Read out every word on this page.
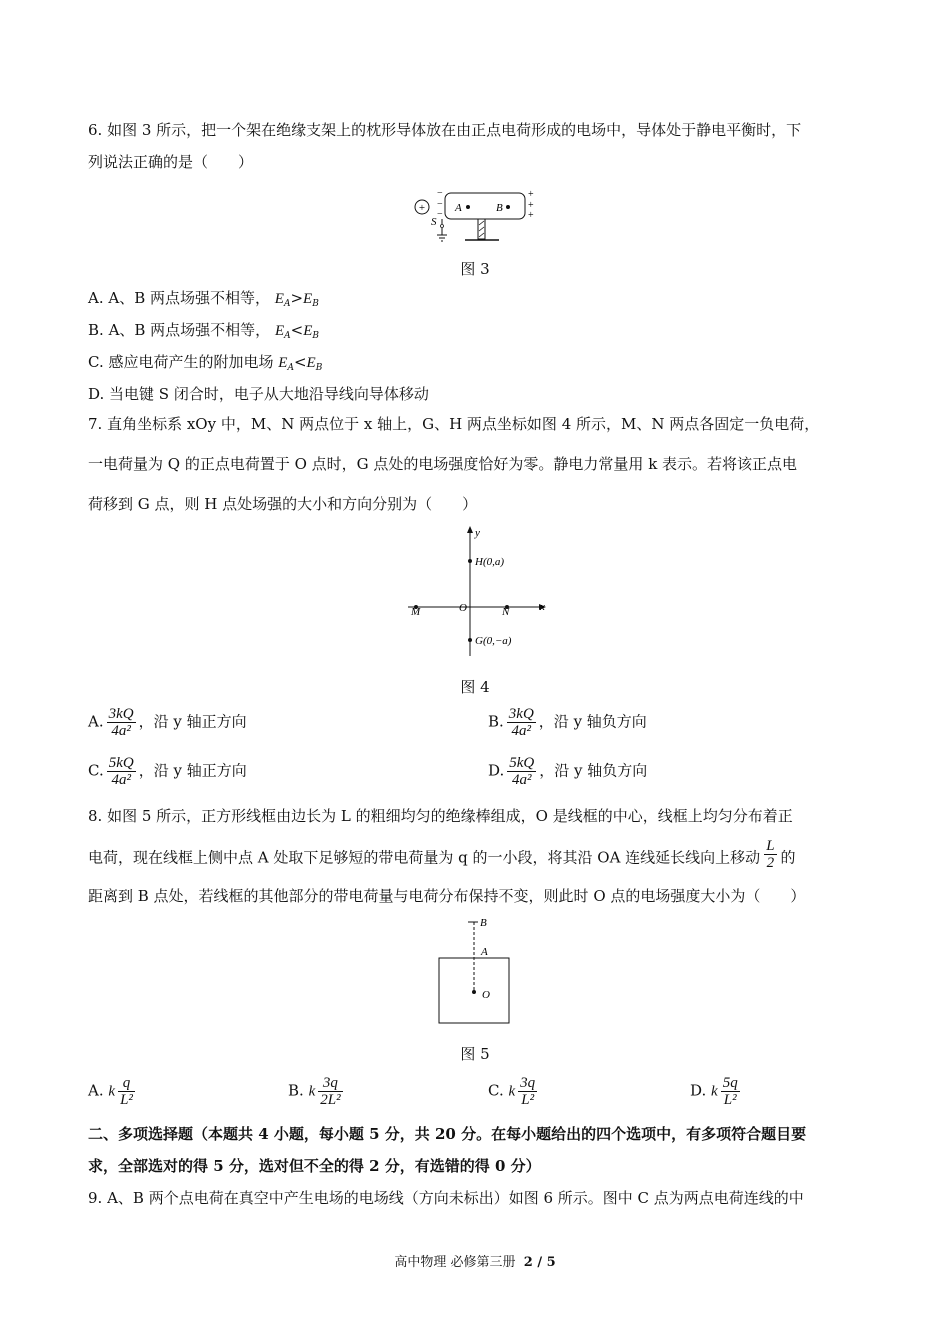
6. 如图 3 所示，把一个架在绝缘支架上的枕形导体放在由正点电荷形成的电场中，导体处于静电平衡时，下
列说法正确的是（　　）
+
−
−
−
A	B
+
+
+
S
图 3
A. A、B 两点场强不相等， $E_A>E_B$
B. A、B 两点场强不相等， $E_A<E_B$
C. 感应电荷产生的附加电场 $E_A<E_B$
D. 当电键 S 闭合时，电子从大地沿导线向导体移动
7. 直角坐标系 xOy 中，M、N 两点位于 x 轴上，G、H 两点坐标如图 4 所示，M、N 两点各固定一负电荷，
一电荷量为 Q 的正点电荷置于 O 点时，G 点处的电场强度恰好为零。静电力常量用 k 表示。若将该正点电
荷移到 G 点，则 H 点处场强的大小和方向分别为（　　）
y
x
H(0,a)
G(0,−a)
M	O	N
图 4
A. $\frac{3kQ}{\text{4a²}}$ ，沿 y 轴正方向	B. $\frac{3kQ}{\text{4a²}}$ ，沿 y 轴负方向
C. $\frac{5kQ}{\text{4a²}}$ ，沿 y 轴正方向	D. $\frac{5kQ}{\text{4a²}}$ ，沿 y 轴负方向
8. 如图 5 所示，正方形线框由边长为 L 的粗细均匀的绝缘棒组成，O 是线框的中心，线框上均匀分布着正
电荷，现在线框上侧中点 A 处取下足够短的带电荷量为 q 的一小段，将其沿 OA 连线延长线向上移动 $\frac{L}{2}$ 的
距离到 B 点处，若线框的其他部分的带电荷量与电荷分布保持不变，则此时 O 点的电场强度大小为（　　）
B
A
O
图 5
A. k $\frac{q}{\text{L²}}$	B. k $\frac{3q}{\text{2L²}}$	C. k $\frac{3q}{\text{L²}}$	D. k $\frac{5q}{\text{L²}}$
二、多项选择题（本题共 4 小题，每小题 5 分，共 20 分。在每小题给出的四个选项中，有多项符合题目要
求，全部选对的得 5 分，选对但不全的得 2 分，有选错的得 0 分）
9. A、B 两个点电荷在真空中产生电场的电场线（方向未标出）如图 6 所示。图中 C 点为两点电荷连线的中
高中物理 必修第三册 2 / 5
